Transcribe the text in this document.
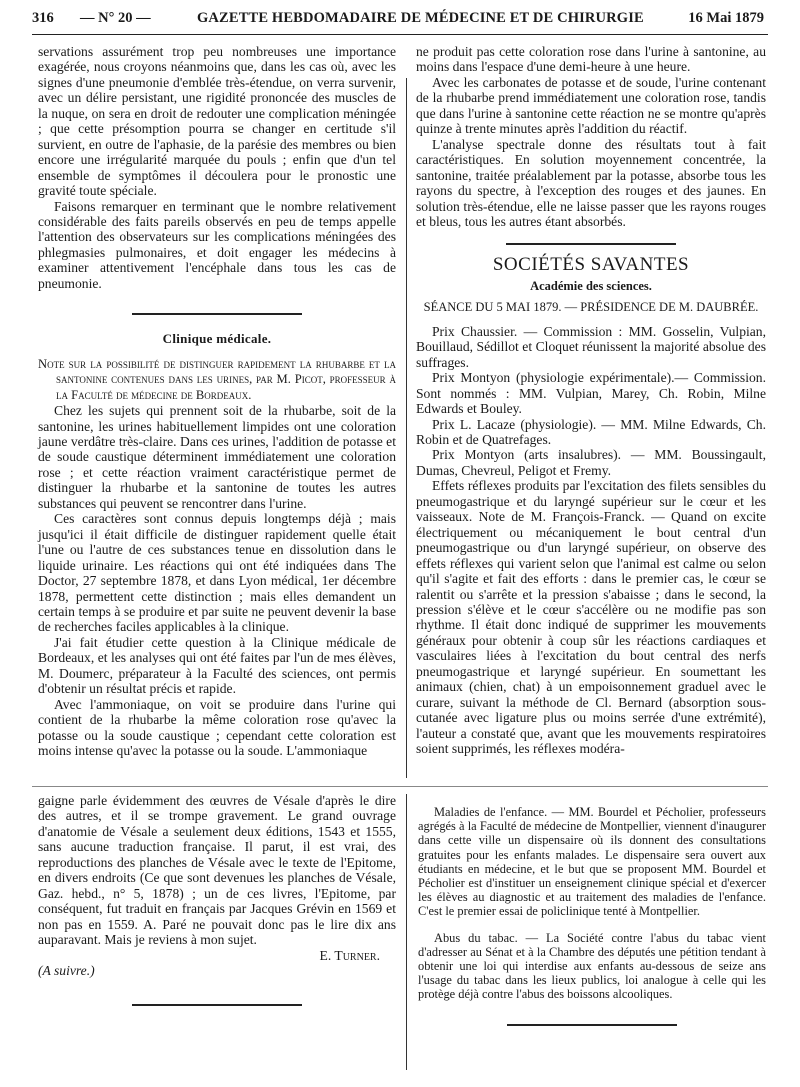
316 — N° 20 —	GAZETTE HEBDOMADAIRE DE MÉDECINE ET DE CHIRURGIE	16 Mai 1879

servations assurément trop peu nombreuses une importance exagérée, nous croyons néanmoins que, dans les cas où, avec les signes d'une pneumonie d'emblée très-étendue, on verra survenir, avec un délire persistant, une rigidité prononcée des muscles de la nuque, on sera en droit de redouter une complication méningée ; que cette présomption pourra se changer en certitude s'il survient, en outre de l'aphasie, de la parésie des membres ou bien encore une irrégularité marquée du pouls ; enfin que d'un tel ensemble de symptômes il découlera pour le pronostic une gravité toute spéciale.

Faisons remarquer en terminant que le nombre relativement considérable des faits pareils observés en peu de temps appelle l'attention des observateurs sur les complications méningées des phlegmasies pulmonaires, et doit engager les médecins à examiner attentivement l'encéphale dans tous les cas de pneumonie.

Clinique médicale.

Note sur la possibilité de distinguer rapidement la rhubarbe et la santonine contenues dans les urines, par M. Picot, professeur à la Faculté de médecine de Bordeaux.

Chez les sujets qui prennent soit de la rhubarbe, soit de la santonine, les urines habituellement limpides ont une coloration jaune verdâtre très-claire. Dans ces urines, l'addition de potasse et de soude caustique déterminent immédiatement une coloration rose ; et cette réaction vraiment caractéristique permet de distinguer la rhubarbe et la santonine de toutes les autres substances qui peuvent se rencontrer dans l'urine.

Ces caractères sont connus depuis longtemps déjà ; mais jusqu'ici il était difficile de distinguer rapidement quelle était l'une ou l'autre de ces substances tenue en dissolution dans le liquide urinaire. Les réactions qui ont été indiquées dans The Doctor, 27 septembre 1878, et dans Lyon médical, 1er décembre 1878, permettent cette distinction ; mais elles demandent un certain temps à se produire et par suite ne peuvent devenir la base de recherches faciles applicables à la clinique.

J'ai fait étudier cette question à la Clinique médicale de Bordeaux, et les analyses qui ont été faites par l'un de mes élèves, M. Doumerc, préparateur à la Faculté des sciences, ont permis d'obtenir un résultat précis et rapide.

Avec l'ammoniaque, on voit se produire dans l'urine qui contient de la rhubarbe la même coloration rose qu'avec la potasse ou la soude caustique ; cependant cette coloration est moins intense qu'avec la potasse ou la soude. L'ammoniaque

ne produit pas cette coloration rose dans l'urine à santonine, au moins dans l'espace d'une demi-heure à une heure.

Avec les carbonates de potasse et de soude, l'urine contenant de la rhubarbe prend immédiatement une coloration rose, tandis que dans l'urine à santonine cette réaction ne se montre qu'après quinze à trente minutes après l'addition du réactif.

L'analyse spectrale donne des résultats tout à fait caractéristiques. En solution moyennement concentrée, la santonine, traitée préalablement par la potasse, absorbe tous les rayons du spectre, à l'exception des rouges et des jaunes. En solution très-étendue, elle ne laisse passer que les rayons rouges et bleus, tous les autres étant absorbés.

SOCIÉTÉS SAVANTES
Académie des sciences.
SÉANCE DU 5 MAI 1879. — PRÉSIDENCE DE M. DAUBRÉE.

Prix Chaussier. — Commission : MM. Gosselin, Vulpian, Bouillaud, Sédillot et Cloquet réunissent la majorité absolue des suffrages.

Prix Montyon (physiologie expérimentale).— Commission. Sont nommés : MM. Vulpian, Marey, Ch. Robin, Milne Edwards et Bouley.

Prix L. Lacaze (physiologie). — MM. Milne Edwards, Ch. Robin et de Quatrefages.

Prix Montyon (arts insalubres). — MM. Boussingault, Dumas, Chevreul, Peligot et Fremy.

Effets réflexes produits par l'excitation des filets sensibles du pneumogastrique et du laryngé supérieur sur le cœur et les vaisseaux. Note de M. François-Franck. — Quand on excite électriquement ou mécaniquement le bout central d'un pneumogastrique ou d'un laryngé supérieur, on observe des effets réflexes qui varient selon que l'animal est calme ou selon qu'il s'agite et fait des efforts : dans le premier cas, le cœur se ralentit ou s'arrête et la pression s'abaisse ; dans le second, la pression s'élève et le cœur s'accélère ou ne modifie pas son rhythme. Il était donc indiqué de supprimer les mouvements généraux pour obtenir à coup sûr les réactions cardiaques et vasculaires liées à l'excitation du bout central des nerfs pneumogastrique et laryngé supérieur. En soumettant les animaux (chien, chat) à un empoisonnement graduel avec le curare, suivant la méthode de Cl. Bernard (absorption sous-cutanée avec ligature plus ou moins serrée d'une extrémité), l'auteur a constaté que, avant que les mouvements respiratoires soient supprimés, les réflexes modéra-

gaigne parle évidemment des œuvres de Vésale d'après le dire des autres, et il se trompe gravement. Le grand ouvrage d'anatomie de Vésale a seulement deux éditions, 1543 et 1555, sans aucune traduction française. Il parut, il est vrai, des reproductions des planches de Vésale avec le texte de l'Epitome, en divers endroits (Ce que sont devenues les planches de Vésale, Gaz. hebd., n° 5, 1878) ; un de ces livres, l'Epitome, par conséquent, fut traduit en français par Jacques Grévin en 1569 et non pas en 1559. A. Paré ne pouvait donc pas le lire dix ans auparavant. Mais je reviens à mon sujet.

E. Turner.

(A suivre.)

Maladies de l'enfance. — MM. Bourdel et Pécholier, professeurs agrégés à la Faculté de médecine de Montpellier, viennent d'inaugurer dans cette ville un dispensaire où ils donnent des consultations gratuites pour les enfants malades. Le dispensaire sera ouvert aux étudiants en médecine, et le but que se proposent MM. Bourdel et Pécholier est d'instituer un enseignement clinique spécial et d'exercer les élèves au diagnostic et au traitement des maladies de l'enfance. C'est le premier essai de policlinique tenté à Montpellier.

Abus du tabac. — La Société contre l'abus du tabac vient d'adresser au Sénat et à la Chambre des députés une pétition tendant à obtenir une loi qui interdise aux enfants au-dessous de seize ans l'usage du tabac dans les lieux publics, loi analogue à celle qui les protège déjà contre l'abus des boissons alcooliques.
